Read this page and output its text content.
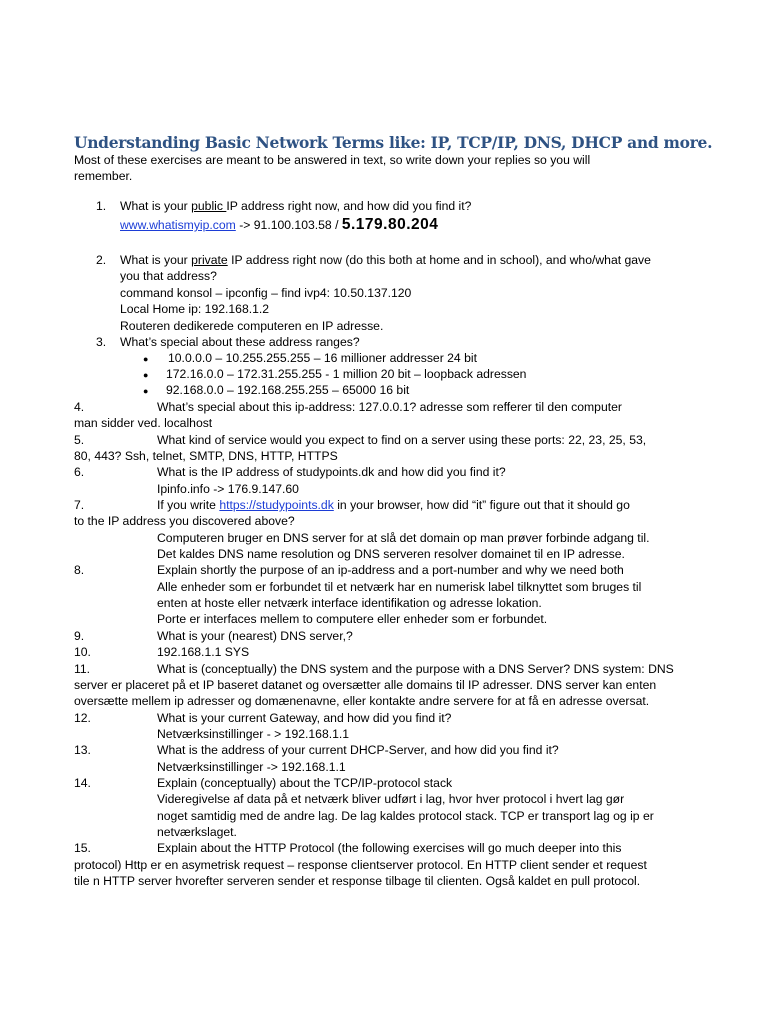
Understanding Basic Network Terms like: IP, TCP/IP, DNS, DHCP and more.
Most of these exercises are meant to be answered in text, so write down your replies so you will
remember.
1. What is your public IP address right now, and how did you find it?
www.whatismyip.com -> 91.100.103.58 / 5.179.80.204
2. What is your private IP address right now (do this both at home and in school), and who/what gave
you that address?
command konsol – ipconfig – find ivp4: 10.50.137.120
Local Home ip: 192.168.1.2
Routeren dedikerede computeren en IP adresse.
3. What’s special about these address ranges?
● 10.0.0.0 – 10.255.255.255 – 16 millioner addresser 24 bit
● 172.16.0.0 – 172.31.255.255 - 1 million 20 bit – loopback adressen
● 92.168.0.0 – 192.168.255.255 – 65000 16 bit
4.	What’s special about this ip-address: 127.0.0.1? adresse som refferer til den computer
man sidder ved. localhost
5.	What kind of service would you expect to find on a server using these ports: 22, 23, 25, 53,
80, 443? Ssh, telnet, SMTP, DNS, HTTP, HTTPS
6.	What is the IP address of studypoints.dk and how did you find it?
Ipinfo.info -> 176.9.147.60
7.	If you write https://studypoints.dk in your browser, how did “it” figure out that it should go
to the IP address you discovered above?
Computeren bruger en DNS server for at slå det domain op man prøver forbinde adgang til.
Det kaldes DNS name resolution og DNS serveren resolver domainet til en IP adresse.
8.	Explain shortly the purpose of an ip-address and a port-number and why we need both
Alle enheder som er forbundet til et netværk har en numerisk label tilknyttet som bruges til
enten at hoste eller netværk interface identifikation og adresse lokation.
Porte er interfaces mellem to computere eller enheder som er forbundet.
9.	What is your (nearest) DNS server,?
10.	192.168.1.1 SYS
11.	What is (conceptually) the DNS system and the purpose with a DNS Server? DNS system: DNS
server er placeret på et IP baseret datanet og oversætter alle domains til IP adresser. DNS server kan enten
oversætte mellem ip adresser og domænenavne, eller kontakte andre servere for at få en adresse oversat.
12.	What is your current Gateway, and how did you find it?
Netværksinstillinger - > 192.168.1.1
13.	What is the address of your current DHCP-Server, and how did you find it?
Netværksinstillinger -> 192.168.1.1
14.	Explain (conceptually) about the TCP/IP-protocol stack
Videregivelse af data på et netværk bliver udført i lag, hvor hver protocol i hvert lag gør
noget samtidig med de andre lag. De lag kaldes protocol stack. TCP er transport lag og ip er
netværkslaget.
15.	Explain about the HTTP Protocol (the following exercises will go much deeper into this
protocol) Http er en asymetrisk request – response clientserver protocol. En HTTP client sender et request
tile n HTTP server hvorefter serveren sender et response tilbage til clienten. Også kaldet en pull protocol.
